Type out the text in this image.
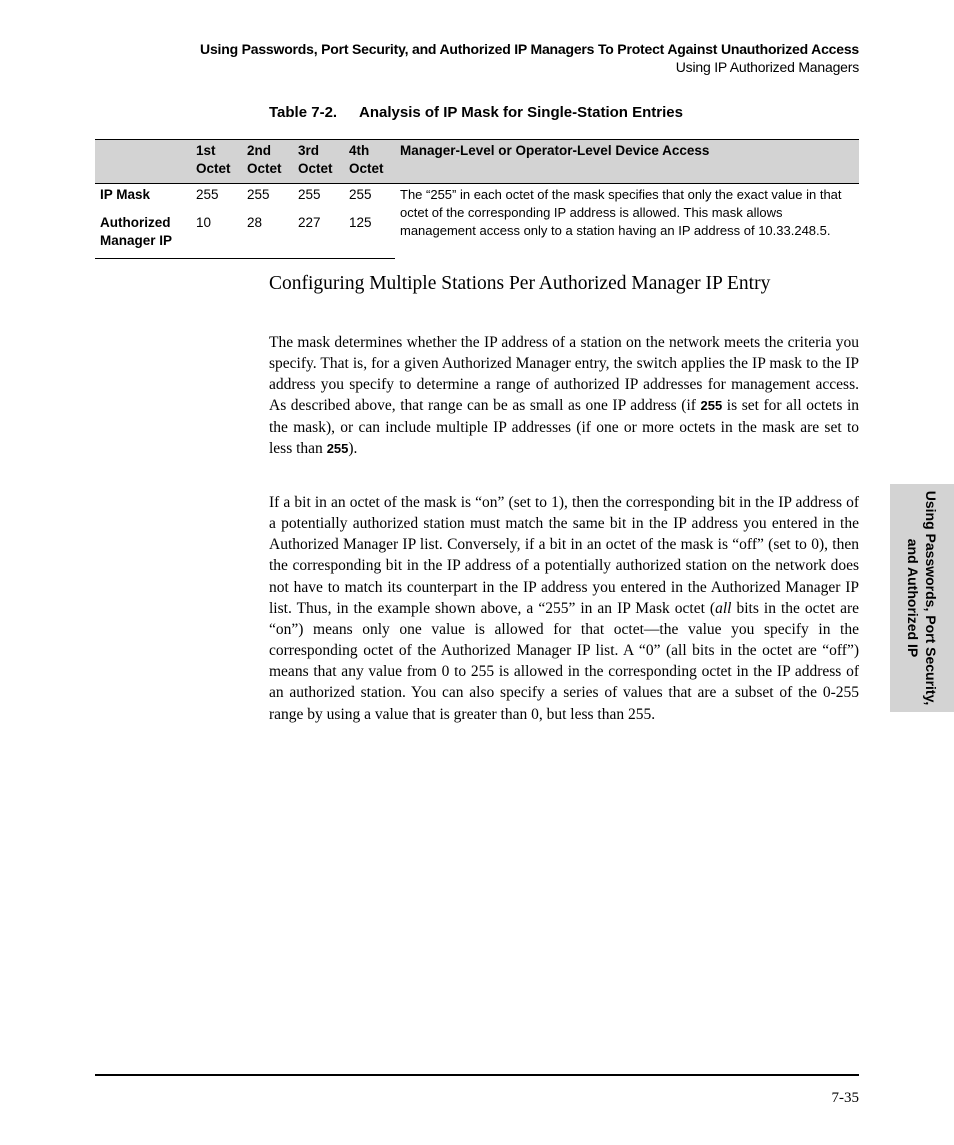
Using Passwords, Port Security, and Authorized IP Managers To Protect Against Unauthorized Access
Using IP Authorized Managers
Table 7-2. Analysis of IP Mask for Single-Station Entries
	1st Octet	2nd Octet	3rd Octet	4th Octet	Manager-Level or Operator-Level Device Access
IP Mask	255	255	255	255	The “255” in each octet of the mask specifies that only the exact value in that octet of the corresponding IP address is allowed. This mask allows management access only to a station having an IP address of 10.33.248.5.
Authorized Manager IP	10	28	227	125	
Configuring Multiple Stations Per Authorized Manager IP Entry

The mask determines whether the IP address of a station on the network meets the criteria you specify. That is, for a given Authorized Manager entry, the switch applies the IP mask to the IP address you specify to determine a range of authorized IP addresses for management access. As described above, that range can be as small as one IP address (if 255 is set for all octets in the mask), or can include multiple IP addresses (if one or more octets in the mask are set to less than 255).

If a bit in an octet of the mask is “on” (set to 1), then the corresponding bit in the IP address of a potentially authorized station must match the same bit in the IP address you entered in the Authorized Manager IP list. Conversely, if a bit in an octet of the mask is “off” (set to 0), then the corresponding bit in the IP address of a potentially authorized station on the network does not have to match its counterpart in the IP address you entered in the Authorized Manager IP list. Thus, in the example shown above, a “255” in an IP Mask octet (all bits in the octet are “on”) means only one value is allowed for that octet—the value you specify in the corresponding octet of the Authorized Manager IP list. A “0” (all bits in the octet are “off”) means that any value from 0 to 255 is allowed in the corresponding octet in the IP address of an authorized station. You can also specify a series of values that are a subset of the 0-255 range by using a value that is greater than 0, but less than 255.

Using Passwords, Port Security, and Authorized IP
7-35
